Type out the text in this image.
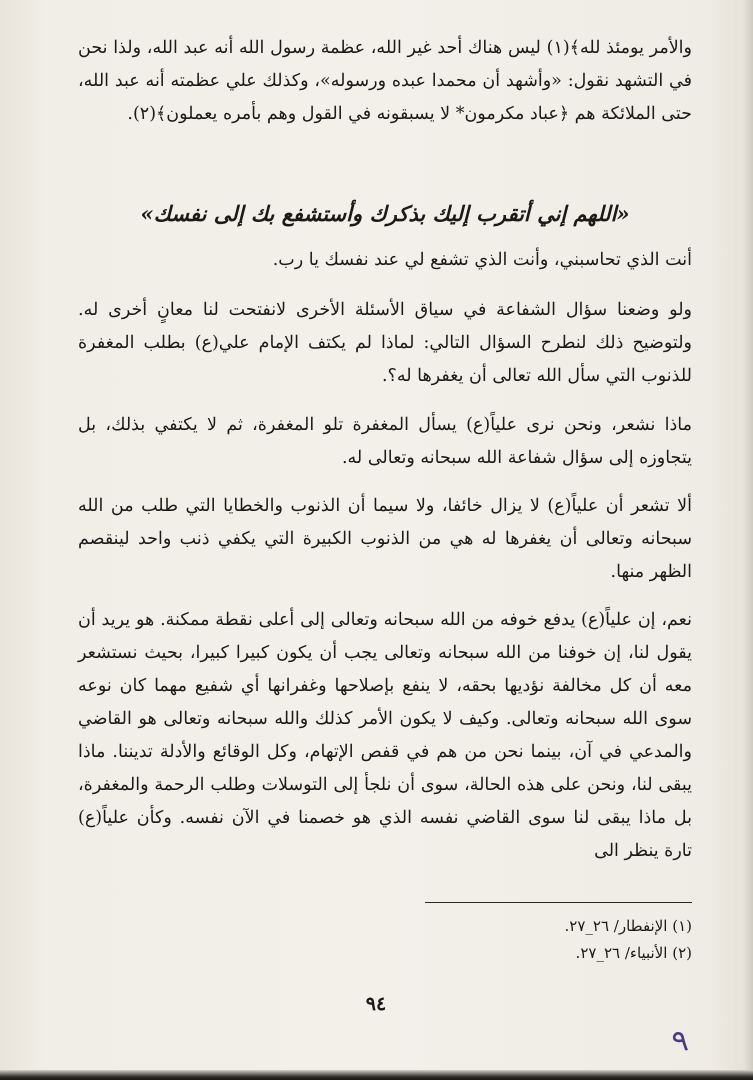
والأمر يومئذ لله﴾(١) ليس هناك أحد غير الله، عظمة رسول الله أنه عبد الله، ولذا نحن في التشهد نقول: «وأشهد أن محمدا عبده ورسوله»، وكذلك علي عظمته أنه عبد الله، حتى الملائكة هم ﴿عباد مكرمون* لا يسبقونه في القول وهم بأمره يعملون﴾(٢).

«اللهم إني أتقرب إليك بذكرك وأستشفع بك إلى نفسك»

أنت الذي تحاسبني، وأنت الذي تشفع لي عند نفسك يا رب.

ولو وضعنا سؤال الشفاعة في سياق الأسئلة الأخرى لانفتحت لنا معانٍ أخرى له. ولتوضيح ذلك لنطرح السؤال التالي: لماذا لم يكتف الإمام علي(ع) بطلب المغفرة للذنوب التي سأل الله تعالى أن يغفرها له؟.

ماذا نشعر، ونحن نرى علياً(ع) يسأل المغفرة تلو المغفرة، ثم لا يكتفي بذلك، بل يتجاوزه إلى سؤال شفاعة الله سبحانه وتعالى له.

ألا تشعر أن علياً(ع) لا يزال خائفا، ولا سيما أن الذنوب والخطايا التي طلب من الله سبحانه وتعالى أن يغفرها له هي من الذنوب الكبيرة التي يكفي ذنب واحد لينقصم الظهر منها.

نعم، إن علياً(ع) يدفع خوفه من الله سبحانه وتعالى إلى أعلى نقطة ممكنة. هو يريد أن يقول لنا، إن خوفنا من الله سبحانه وتعالى يجب أن يكون كبيرا كبيرا، بحيث نستشعر معه أن كل مخالفة نؤديها بحقه، لا ينفع بإصلاحها وغفرانها أي شفيع مهما كان نوعه سوى الله سبحانه وتعالى. وكيف لا يكون الأمر كذلك والله سبحانه وتعالى هو القاضي والمدعي في آن، بينما نحن من هم في قفص الإتهام، وكل الوقائع والأدلة تديننا. ماذا يبقى لنا، ونحن على هذه الحالة، سوى أن نلجأ إلى التوسلات وطلب الرحمة والمغفرة، بل ماذا يبقى لنا سوى القاضي نفسه الذي هو خصمنا في الآن نفسه. وكأن علياً(ع) تارة ينظر الى

(١) الإنفطار/ ٢٦_٢٧.
(٢) الأنبياء/ ٢٦_٢٧.
٩٤
٩
